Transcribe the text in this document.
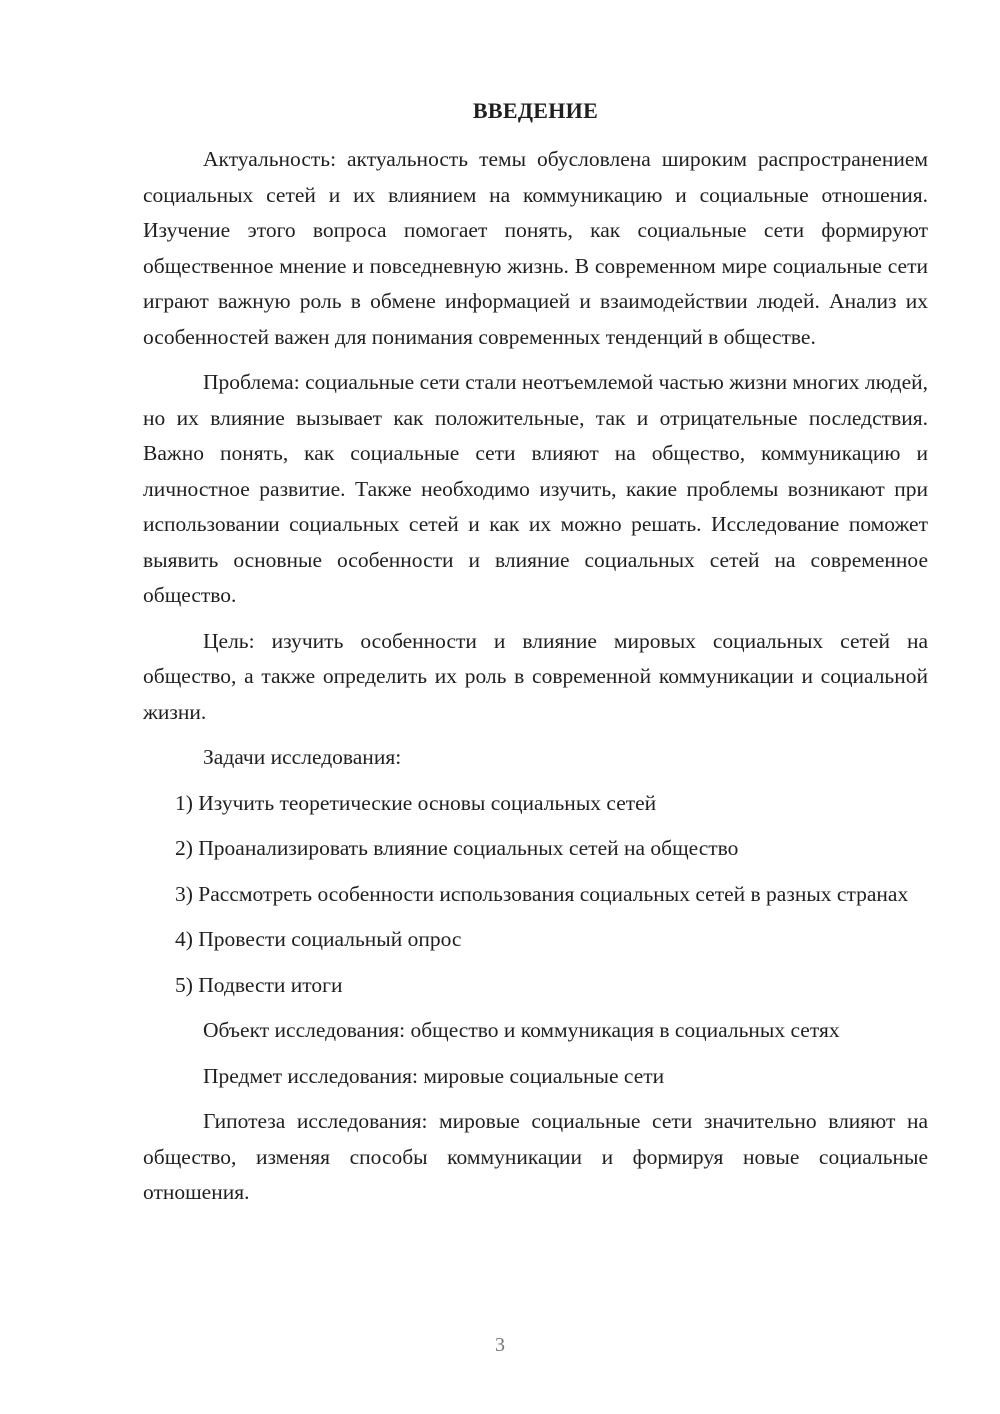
ВВЕДЕНИЕ

Актуальность: актуальность темы обусловлена широким распространением социальных сетей и их влиянием на коммуникацию и социальные отношения. Изучение этого вопроса помогает понять, как социальные сети формируют общественное мнение и повседневную жизнь. В современном мире социальные сети играют важную роль в обмене информацией и взаимодействии людей. Анализ их особенностей важен для понимания современных тенденций в обществе.

Проблема: социальные сети стали неотъемлемой частью жизни многих людей, но их влияние вызывает как положительные, так и отрицательные последствия. Важно понять, как социальные сети влияют на общество, коммуникацию и личностное развитие. Также необходимо изучить, какие проблемы возникают при использовании социальных сетей и как их можно решать. Исследование поможет выявить основные особенности и влияние социальных сетей на современное общество.

Цель: изучить особенности и влияние мировых социальных сетей на общество, а также определить их роль в современной коммуникации и социальной жизни.

Задачи исследования:

1) Изучить теоретические основы социальных сетей

2) Проанализировать влияние социальных сетей на общество

3) Рассмотреть особенности использования социальных сетей в разных странах

4) Провести социальный опрос

5) Подвести итоги

Объект исследования: общество и коммуникация в социальных сетях

Предмет исследования: мировые социальные сети

Гипотеза исследования: мировые социальные сети значительно влияют на общество, изменяя способы коммуникации и формируя новые социальные отношения.

3
